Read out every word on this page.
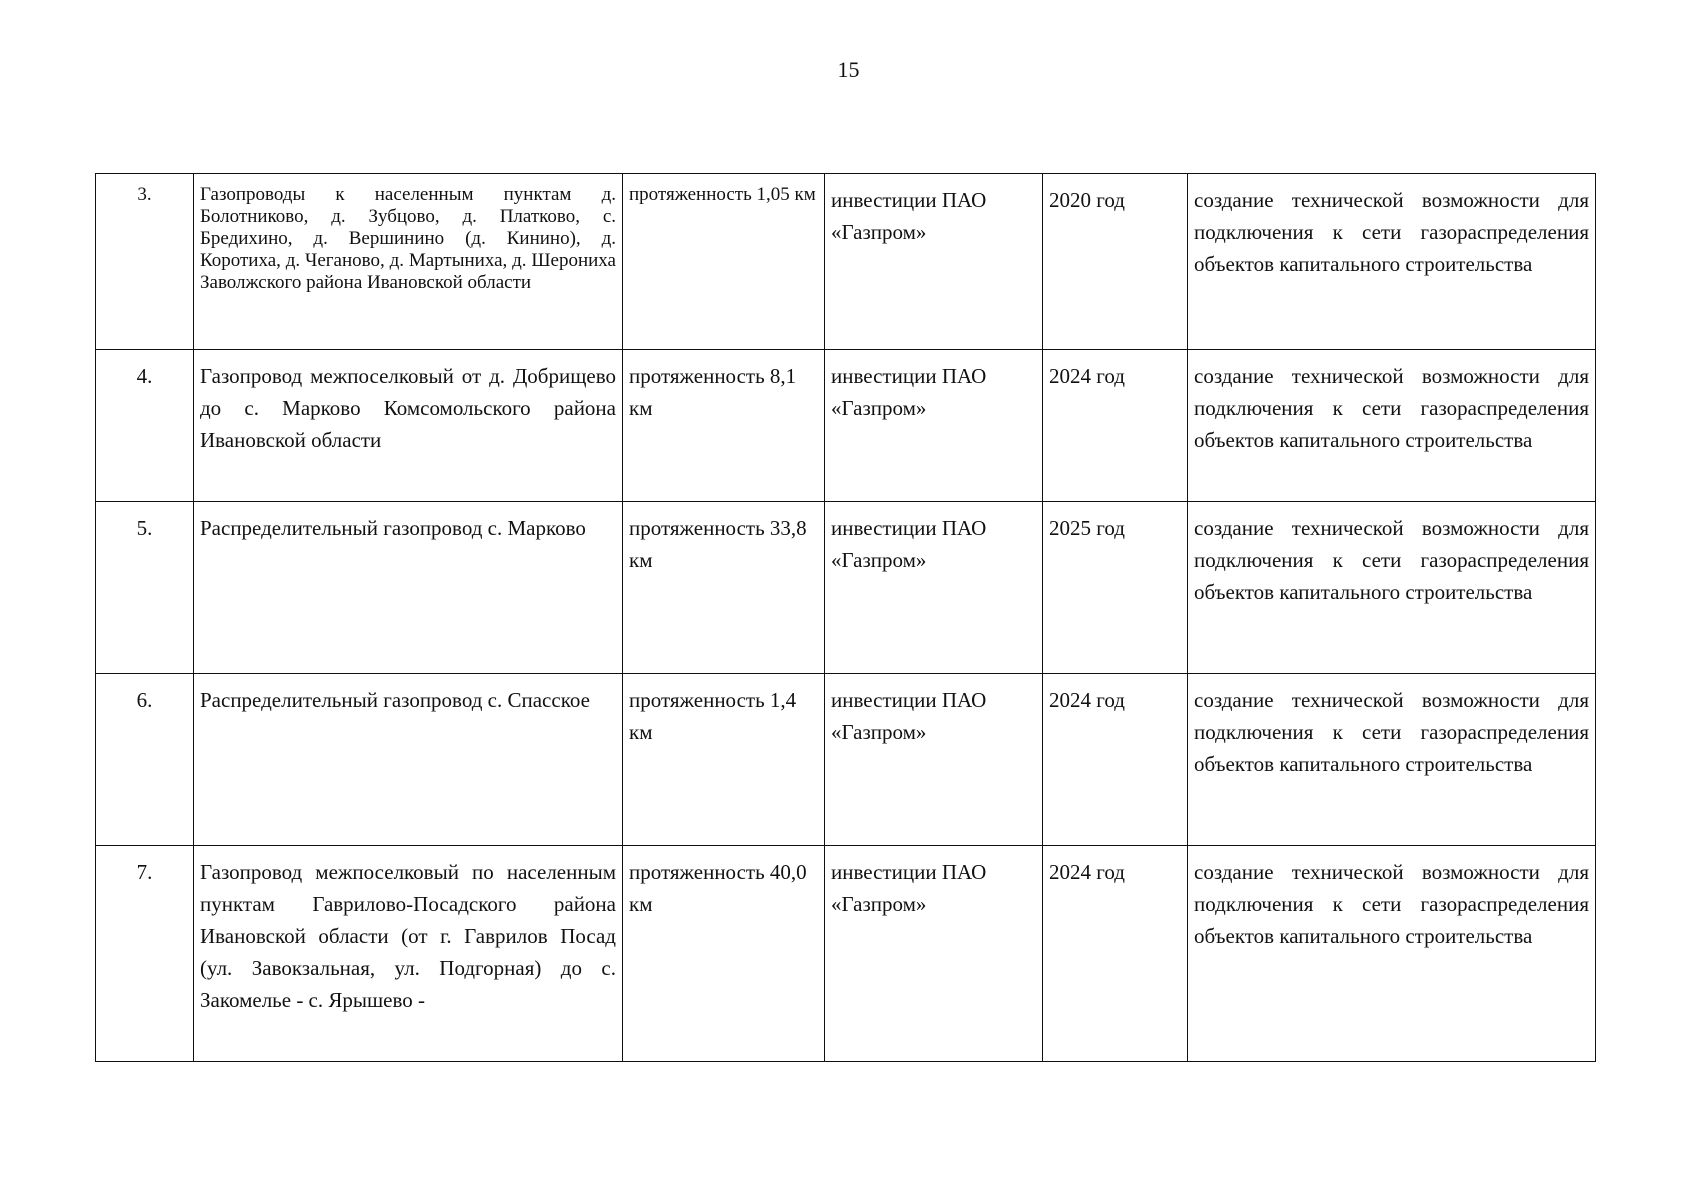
15
3.	Газопроводы к населенным пунктам д. Болотниково, д. Зубцово, д. Платково, с. Бредихино, д. Вершинино (д. Кинино), д. Коротиха, д. Чеганово, д. Мартыниха, д. Шерониха Заволжского района Ивановской области	протяженность 1,05 км	инвестиции ПАО «Газпром»	2020 год	создание технической возможности для подключения к сети газораспределения объектов капитального строительства
4.	Газопровод межпоселковый от д. Добрищево до с. Марково Комсомольского района Ивановской области	протяженность 8,1 км	инвестиции ПАО «Газпром»	2024 год	создание технической возможности для подключения к сети газораспределения объектов капитального строительства
5.	Распределительный газопровод с. Марково	протяженность 33,8 км	инвестиции ПАО «Газпром»	2025 год	создание технической возможности для подключения к сети газораспределения объектов капитального строительства
6.	Распределительный газопровод с. Спасское	протяженность 1,4 км	инвестиции ПАО «Газпром»	2024 год	создание технической возможности для подключения к сети газораспределения объектов капитального строительства
7.	Газопровод межпоселковый по населенным пунктам Гаврилово-Посадского района Ивановской области (от г. Гаврилов Посад (ул. Завокзальная, ул. Подгорная) до с. Закомелье - с. Ярышево -	протяженность 40,0 км	инвестиции ПАО «Газпром»	2024 год	создание технической возможности для подключения к сети газораспределения объектов капитального строительства
